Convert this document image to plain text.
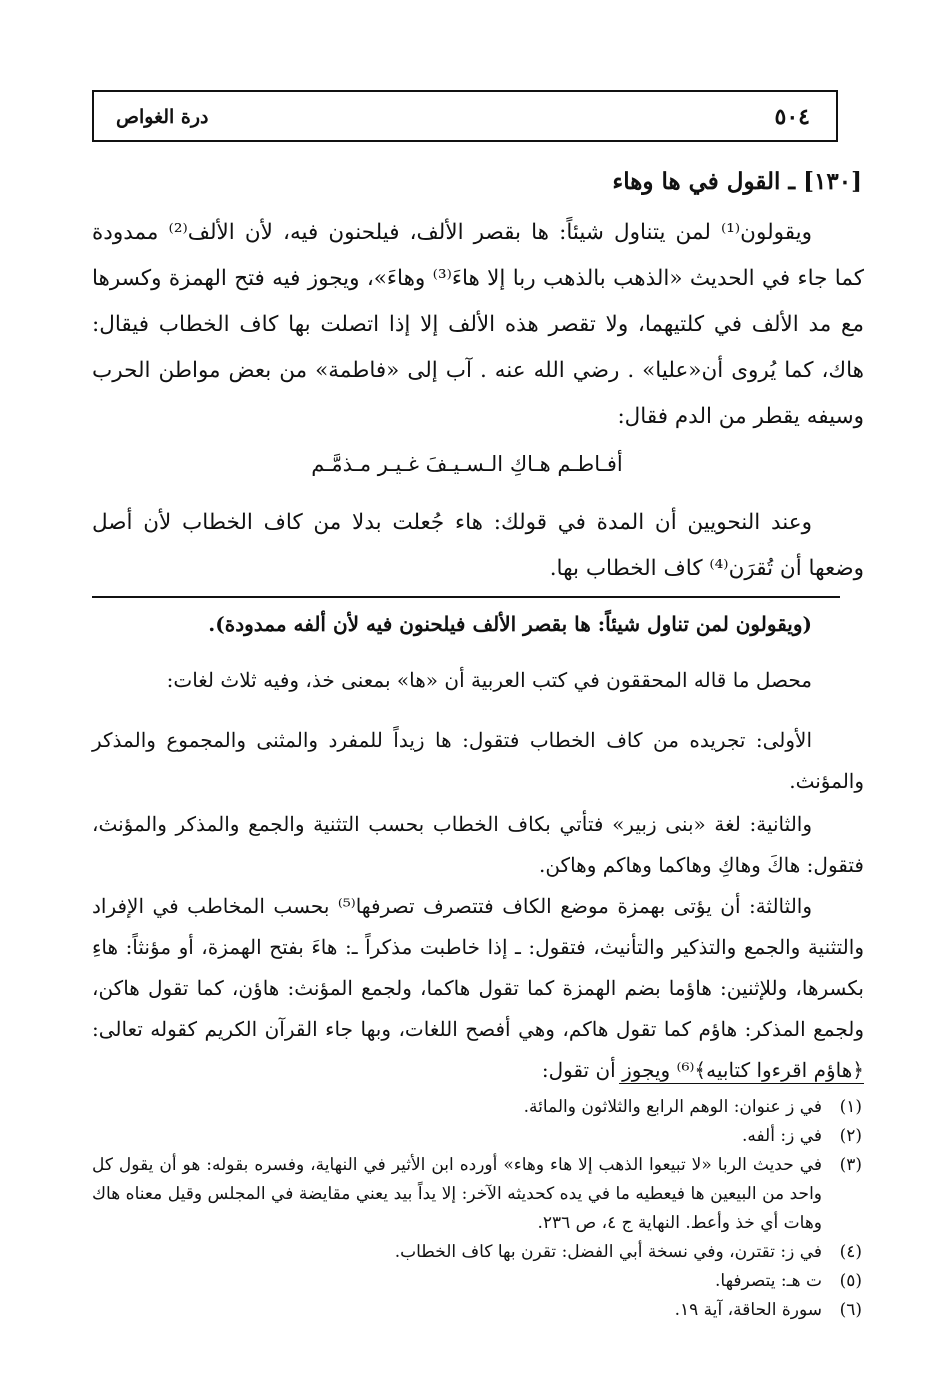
٥٠٤
درة الغواص
[١٣٠] ـ القول في ها وهاء
ويقولون⁽¹⁾ لمن يتناول شيئاً: ها بقصر الألف، فيلحنون فيه، لأن الألف⁽²⁾ ممدودة كما جاء في الحديث «الذهب بالذهب ربا إلا هاءَ⁽³⁾ وهاءَ»، ويجوز فيه فتح الهمزة وكسرها مع مد الألف في كلتيهما، ولا تقصر هذه الألف إلا إذا اتصلت بها كاف الخطاب فيقال: هاك، كما يُروى أن«عليا» . رضي الله عنه . آب إلى «فاطمة» من بعض مواطن الحرب وسيفه يقطر من الدم فقال:
أفـاطـم هـاكِ الـسـيـفَ غـيـر مـذمَّـم
وعند النحويين أن المدة في قولك: هاء جُعلت بدلا من كاف الخطاب لأن أصل وضعها أن تُقرَن⁽⁴⁾ كاف الخطاب بها.
(ويقولون لمن تناول شيئاً: ها بقصر الألف فيلحنون فيه لأن ألفه ممدودة).
محصل ما قاله المحققون في كتب العربية أن «ها» بمعنى خذ، وفيه ثلاث لغات:
الأولى: تجريده من كاف الخطاب فتقول: ها زيداً للمفرد والمثنى والمجموع والمذكر والمؤنث.
والثانية: لغة «بنى زبير» فتأتي بكاف الخطاب بحسب التثنية والجمع والمذكر والمؤنث، فتقول: هاكَ وهاكِ وهاكما وهاكم وهاكن.
والثالثة: أن يؤتى بهمزة موضع الكاف فتتصرف تصرفها⁽⁵⁾ بحسب المخاطب في الإفراد والتثنية والجمع والتذكير والتأنيث، فتقول: ـ إذا خاطبت مذكراً ـ: هاءَ بفتح الهمزة، أو مؤنثاً: هاءِ بكسرها، وللإثنين: هاؤما بضم الهمزة كما تقول هاكما، ولجمع المؤنث: هاؤن، كما تقول هاكن، ولجمع المذكر: هاؤم كما تقول هاكم، وهي أفصح اللغات، وبها جاء القرآن الكريم كقوله تعالى: ﴿هاؤم اقرءوا كتابيه﴾⁽⁶⁾ ويجوز أن تقول:
(١)
في ز عنوان: الوهم الرابع والثلاثون والمائة.
(٢)
في ز: ألفه.
(٣)
في حديث الربا «لا تبيعوا الذهب إلا هاء وهاء» أورده ابن الأثير في النهاية، وفسره بقوله: هو أن يقول كل واحد من البيعين ها فيعطيه ما في يده كحديثه الآخر: إلا يداً بيد يعني مقايضة في المجلس وقيل معناه هاك وهات أي خذ وأعط. النهاية ج ٤، ص ٢٣٦.
(٤)
في ز: تقترن، وفي نسخة أبي الفضل: تقرن بها كاف الخطاب.
(٥)
ت هـ: يتصرفها.
(٦)
سورة الحاقة، آية ١٩.
